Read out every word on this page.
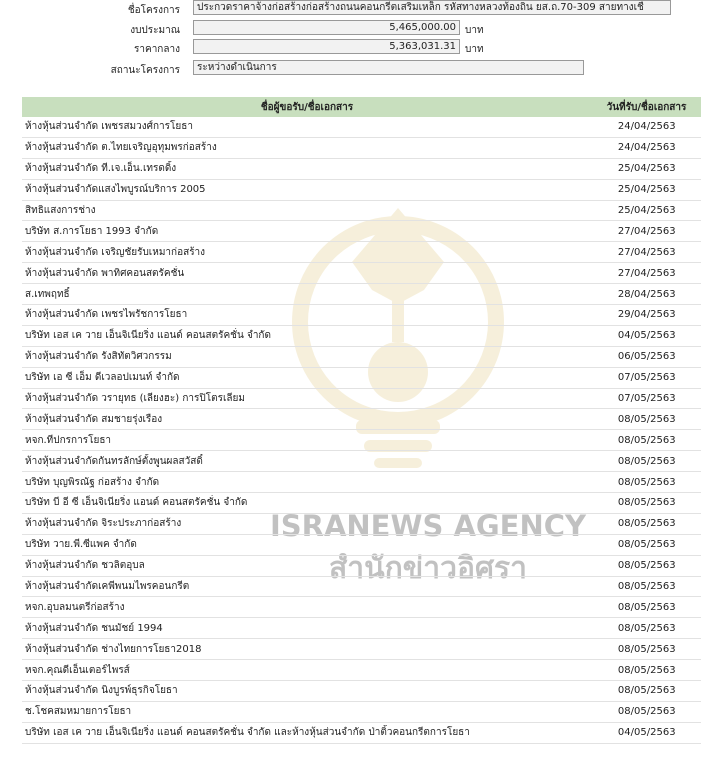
ISRANEWS AGENCY
สำนักข่าวอิศรา
ชื่อโครงการ	ประกวดราคาจ้างก่อสร้างก่อสร้างถนนคอนกรีตเสริมเหล็ก รหัสทางหลวงท้องถิ่น ยส.ถ.70-309 สายทางเชื่
งบประมาณ	5,465,000.00 บาท
ราคากลาง	5,363,031.31 บาท
สถานะโครงการ	ระหว่างดำเนินการ
ชื่อผู้ขอรับ/ชื่อเอกสาร	วันที่รับ/ชื่อเอกสาร
ห้างหุ้นส่วนจำกัด เพชรสมวงศ์การโยธา	24/04/2563
ห้างหุ้นส่วนจำกัด ต.ไทยเจริญอุทุมพรก่อสร้าง	24/04/2563
ห้างหุ้นส่วนจำกัด ที.เจ.เอ็น.เทรดดิ้ง	25/04/2563
ห้างหุ้นส่วนจำกัดแสงไพบูรณ์บริการ 2005	25/04/2563
สิทธิแสงการช่าง	25/04/2563
บริษัท ส.การโยธา 1993 จำกัด	27/04/2563
ห้างหุ้นส่วนจำกัด เจริญชัยรับเหมาก่อสร้าง	27/04/2563
ห้างหุ้นส่วนจำกัด พาทิศคอนสตรัคชั่น	27/04/2563
ส.เทพฤทธิ์	28/04/2563
ห้างหุ้นส่วนจำกัด เพชรไพรัชการโยธา	29/04/2563
บริษัท เอส เค วาย เอ็นจิเนียริ่ง แอนด์ คอนสตรัคชั่น จำกัด	04/05/2563
ห้างหุ้นส่วนจำกัด รังสิทัตวิศวกรรม	06/05/2563
บริษัท เอ ซี เอ็ม ดีเวลอปเมนท์ จำกัด	07/05/2563
ห้างหุ้นส่วนจำกัด วรายุทธ (เลียงฮะ) การปิโตรเลียม	07/05/2563
ห้างหุ้นส่วนจำกัด สมชายรุ่งเรือง	08/05/2563
หจก.ทีปกรการโยธา	08/05/2563
ห้างหุ้นส่วนจำกัดกันทรลักษ์ตั้งพูนผลสวัสดิ์	08/05/2563
บริษัท บุญพิรณัฐ ก่อสร้าง จำกัด	08/05/2563
บริษัท บี อี ซี เอ็นจิเนียริ่ง แอนด์ คอนสตรัคชั่น จำกัด	08/05/2563
ห้างหุ้นส่วนจำกัด จิระประภาก่อสร้าง	08/05/2563
บริษัท วาย.พี.ซีแพค จำกัด	08/05/2563
ห้างหุ้นส่วนจำกัด ชวลิตอุบล	08/05/2563
ห้างหุ้นส่วนจำกัดเคพีพนมไพรคอนกรีต	08/05/2563
หจก.อุบลมนตรีก่อสร้าง	08/05/2563
ห้างหุ้นส่วนจำกัด ชนมัชย์ 1994	08/05/2563
ห้างหุ้นส่วนจำกัด ช่างไทยการโยธา2018	08/05/2563
หจก.คุณดีเอ็นเตอร์ไพรส์	08/05/2563
ห้างหุ้นส่วนจำกัด นิงบูรพ์ธุรกิจโยธา	08/05/2563
ช.โชคสมหมายการโยธา	08/05/2563
บริษัท เอส เค วาย เอ็นจิเนียริ่ง แอนด์ คอนสตรัคชั่น จำกัด และห้างหุ้นส่วนจำกัด ป่าติ้วคอนกรีตการโยธา	04/05/2563
